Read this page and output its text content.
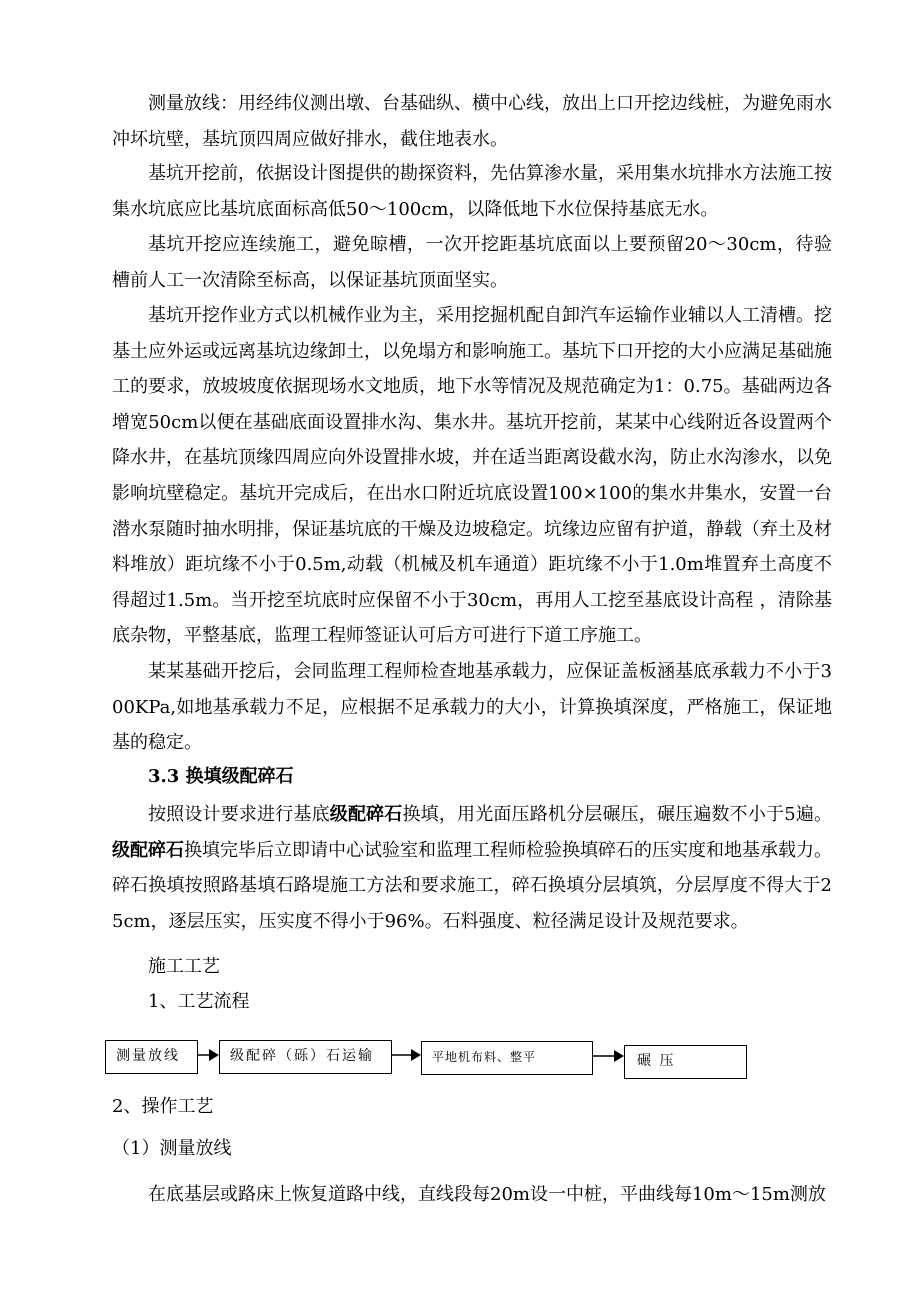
测量放线：用经纬仪测出墩、台基础纵、横中心线，放出上口开挖边线桩，为避免雨水冲坏坑壁，基坑顶四周应做好排水，截住地表水。

基坑开挖前，依据设计图提供的勘探资料，先估算渗水量，采用集水坑排水方法施工按集水坑底应比基坑底面标高低50～100cm，以降低地下水位保持基底无水。

基坑开挖应连续施工，避免晾槽，一次开挖距基坑底面以上要预留20～30cm，待验槽前人工一次清除至标高，以保证基坑顶面坚实。

基坑开挖作业方式以机械作业为主，采用挖掘机配自卸汽车运输作业辅以人工清槽。挖基土应外运或远离基坑边缘卸土，以免塌方和影响施工。基坑下口开挖的大小应满足基础施工的要求，放坡坡度依据现场水文地质，地下水等情况及规范确定为1：0.75。基础两边各增宽50cm以便在基础底面设置排水沟、集水井。基坑开挖前，某某中心线附近各设置两个降水井，在基坑顶缘四周应向外设置排水坡，并在适当距离设截水沟，防止水沟渗水，以免影响坑壁稳定。基坑开完成后，在出水口附近坑底设置100×100的集水井集水，安置一台潜水泵随时抽水明排，保证基坑底的干燥及边坡稳定。坑缘边应留有护道，静载（弃土及材料堆放）距坑缘不小于0.5m,动载（机械及机车通道）距坑缘不小于1.0m堆置弃土高度不得超过1.5m。当开挖至坑底时应保留不小于30cm，再用人工挖至基底设计高程 ，清除基底杂物，平整基底，监理工程师签证认可后方可进行下道工序施工。

某某基础开挖后，会同监理工程师检查地基承载力，应保证盖板涵基底承载力不小于300KPa,如地基承载力不足，应根据不足承载力的大小，计算换填深度，严格施工，保证地基的稳定。

3.3 换填级配碎石

按照设计要求进行基底级配碎石换填，用光面压路机分层碾压，碾压遍数不小于5遍。级配碎石换填完毕后立即请中心试验室和监理工程师检验换填碎石的压实度和地基承载力。碎石换填按照路基填石路堤施工方法和要求施工，碎石换填分层填筑，分层厚度不得大于25cm，逐层压实，压实度不得小于96%。石料强度、粒径满足设计及规范要求。

施工工艺

1、工艺流程

测量放线	级配碎（砾）石运输	平地机布料、整平	碾 压

2、操作工艺

（1）测量放线

在底基层或路床上恢复道路中线，直线段每20m设一中桩，平曲线每10m～15m测放
